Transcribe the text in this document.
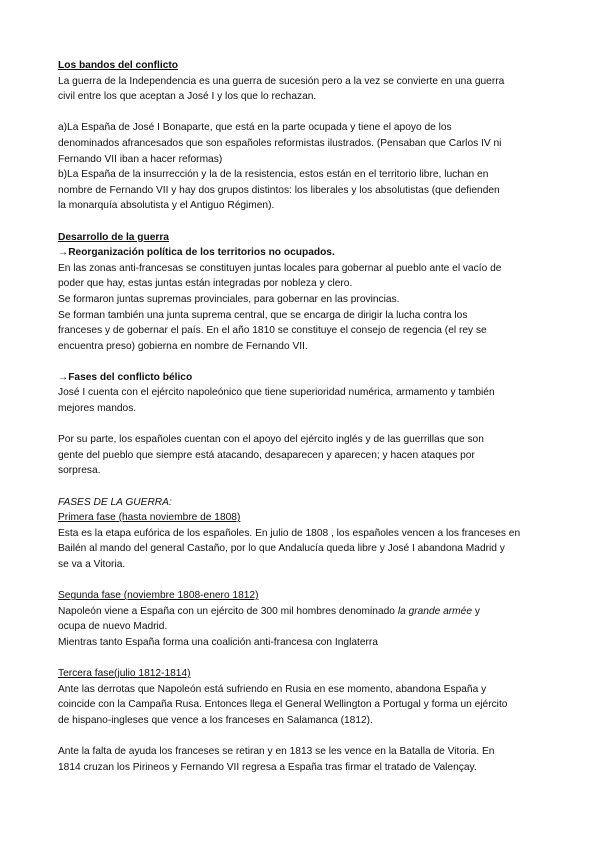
Los bandos del conflicto
La guerra de la Independencia es una guerra de sucesión pero a la vez se convierte en una guerra
civil entre los que aceptan a José I y los que lo rechazan.
a)La España de José I Bonaparte, que está en la parte ocupada y tiene el apoyo de los
denominados afrancesados que son españoles reformistas ilustrados. (Pensaban que Carlos IV ni
Fernando VII iban a hacer reformas)
b)La España de la insurrección y la de la resistencia, estos están en el territorio libre, luchan en
nombre de Fernando VII y hay dos grupos distintos: los liberales y los absolutistas (que defienden
la monarquía absolutista y el Antiguo Régimen).
Desarrollo de la guerra
→Reorganización política de los territorios no ocupados.
En las zonas anti-francesas se constituyen juntas locales para gobernar al pueblo ante el vacío de
poder que hay, estas juntas están integradas por nobleza y clero.
Se formaron juntas supremas provinciales, para gobernar en las provincias.
Se forman también una junta suprema central, que se encarga de dirigir la lucha contra los
franceses y de gobernar el país. En el año 1810 se constituye el consejo de regencia (el rey se
encuentra preso) gobierna en nombre de Fernando VII.
→Fases del conflicto bélico
José I cuenta con el ejército napoleónico que tiene superioridad numérica, armamento y también
mejores mandos.
Por su parte, los españoles cuentan con el apoyo del ejército inglés y de las guerrillas que son
gente del pueblo que siempre está atacando, desaparecen y aparecen; y hacen ataques por
sorpresa.
FASES DE LA GUERRA:
Primera fase (hasta noviembre de 1808)
Esta es la etapa eufórica de los españoles. En julio de 1808 , los españoles vencen a los franceses en
Bailén al mando del general Castaño, por lo que Andalucía queda libre y José I abandona Madrid y
se va a Vitoria.
Segunda fase (noviembre 1808-enero 1812)
Napoleón viene a España con un ejército de 300 mil hombres denominado la grande armée y
ocupa de nuevo Madrid.
Mientras tanto España forma una coalición anti-francesa con Inglaterra
Tercera fase(julio 1812-1814)
Ante las derrotas que Napoleón está sufriendo en Rusia en ese momento, abandona España y
coincide con la Campaña Rusa. Entonces llega el General Wellington a Portugal y forma un ejército
de hispano-ingleses que vence a los franceses en Salamanca (1812).
Ante la falta de ayuda los franceses se retiran y en 1813 se les vence en la Batalla de Vitoria. En
1814 cruzan los Pirineos y Fernando VII regresa a España tras firmar el tratado de Valençay.
